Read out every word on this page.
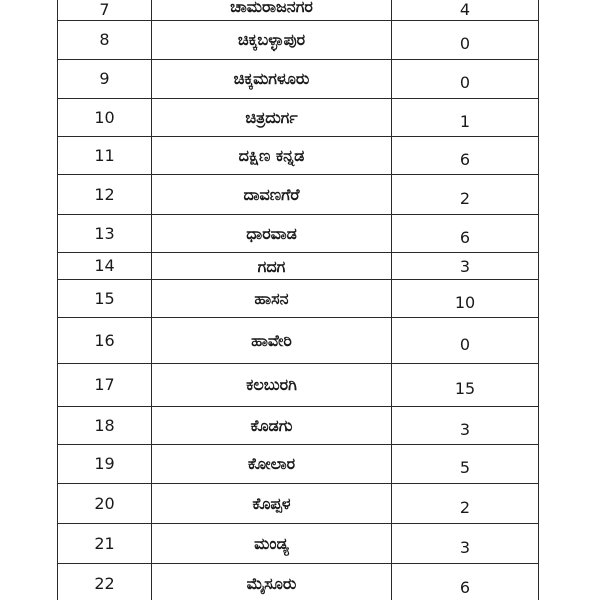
7	ಚಾಮರಾಜನಗರ	4
8	ಚಿಕ್ಕಬಳ್ಳಾಪುರ	0
9	ಚಿಕ್ಕಮಗಳೂರು	0
10	ಚಿತ್ರದುರ್ಗ	1
11	ದಕ್ಷಿಣ ಕನ್ನಡ	6
12	ದಾವಣಗೆರೆ	2
13	ಧಾರವಾಡ	6
14	ಗದಗ	3
15	ಹಾಸನ	10
16	ಹಾವೇರಿ	0
17	ಕಲಬುರಗಿ	15
18	ಕೊಡಗು	3
19	ಕೋಲಾರ	5
20	ಕೊಪ್ಪಳ	2
21	ಮಂಡ್ಯ	3
22	ಮೈಸೂರು	6
